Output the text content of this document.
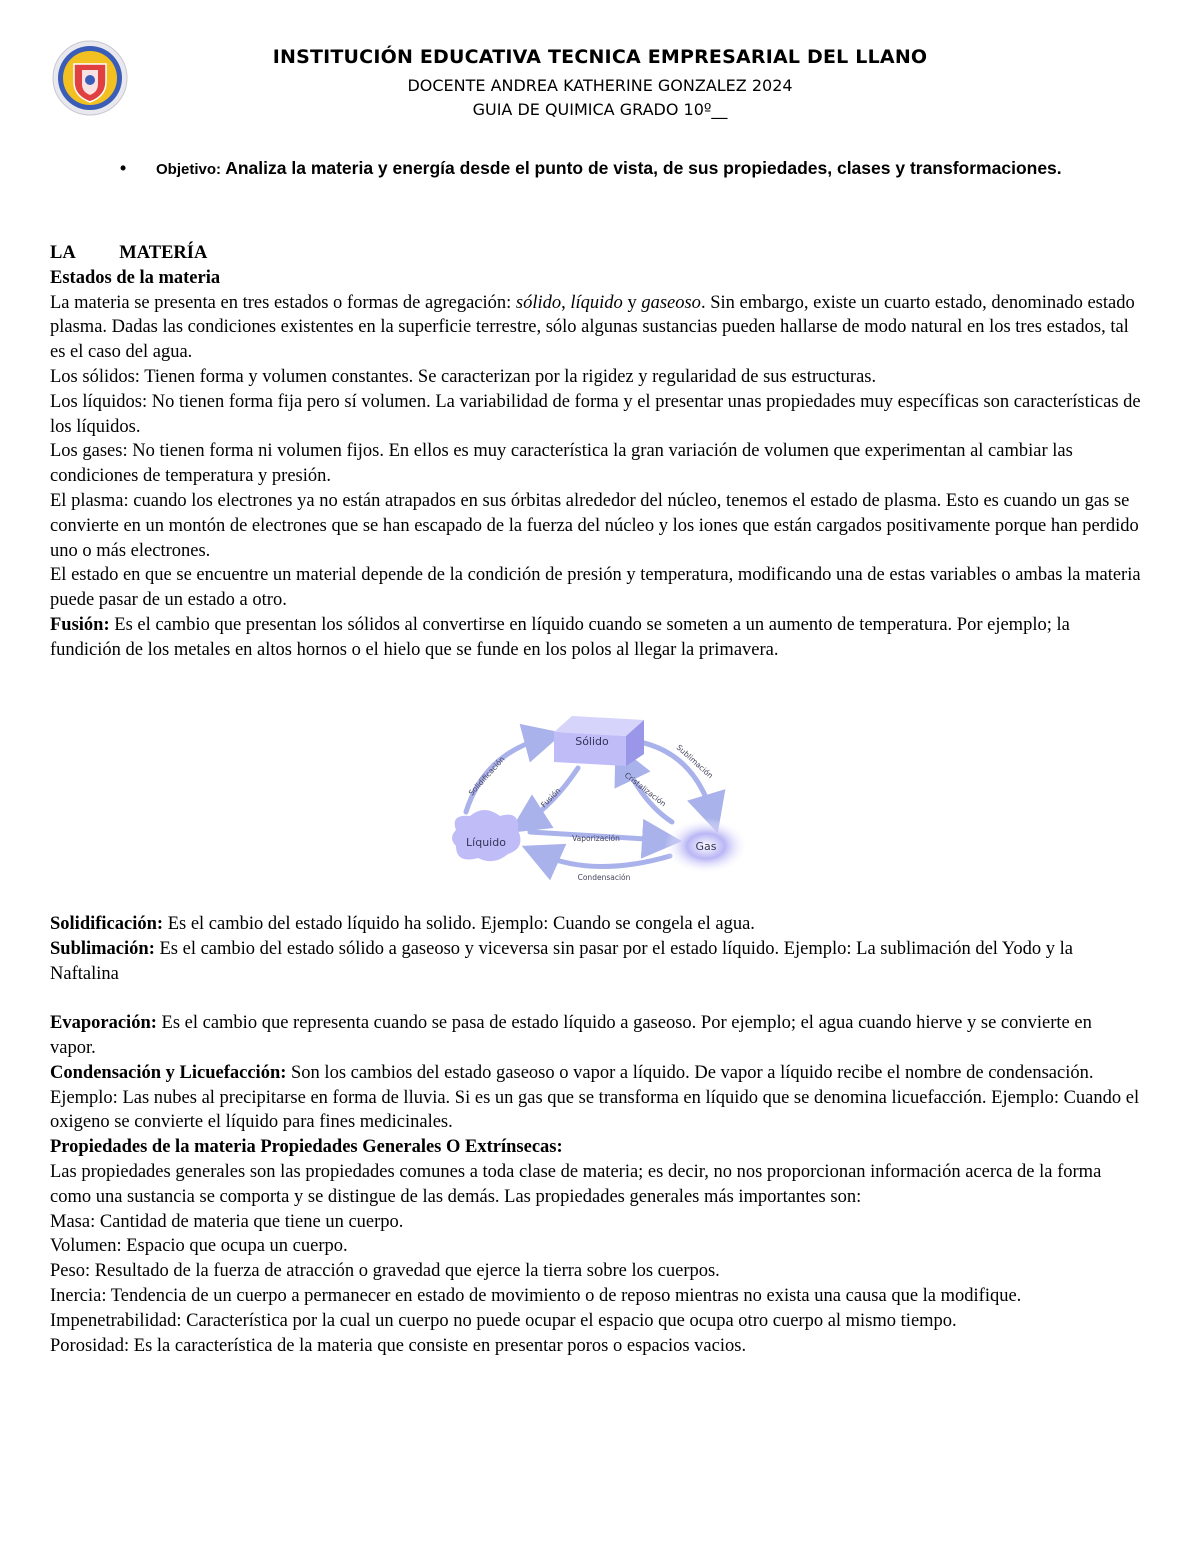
INSTITUCIÓN EDUCATIVA TECNICA EMPRESARIAL DEL LLANO
DOCENTE ANDREA KATHERINE GONZALEZ 2024
GUIA DE QUIMICA GRADO 10º__
•	Objetivo: Analiza la materia y energía desde el punto de vista, de sus propiedades, clases y transformaciones.

LA MATERÍA

Estados de la materia

La materia se presenta en tres estados o formas de agregación: sólido, líquido y gaseoso. Sin embargo, existe un cuarto estado, denominado estado plasma. Dadas las condiciones existentes en la superficie terrestre, sólo algunas sustancias pueden hallarse de modo natural en los tres estados, tal es el caso del agua.

Los sólidos: Tienen forma y volumen constantes. Se caracterizan por la rigidez y regularidad de sus estructuras.

Los líquidos: No tienen forma fija pero sí volumen. La variabilidad de forma y el presentar unas propiedades muy específicas son características de los líquidos.

Los gases: No tienen forma ni volumen fijos. En ellos es muy característica la gran variación de volumen que experimentan al cambiar las condiciones de temperatura y presión.

El plasma: cuando los electrones ya no están atrapados en sus órbitas alrededor del núcleo, tenemos el estado de plasma. Esto es cuando un gas se convierte en un montón de electrones que se han escapado de la fuerza del núcleo y los iones que están cargados positivamente porque han perdido uno o más electrones.

El estado en que se encuentre un material depende de la condición de presión y temperatura, modificando una de estas variables o ambas la materia puede pasar de un estado a otro.

Fusión: Es el cambio que presentan los sólidos al convertirse en líquido cuando se someten a un aumento de temperatura. Por ejemplo; la fundición de los metales en altos hornos o el hielo que se funde en los polos al llegar la primavera.

Sólido
Líquido	Gas
Solidificación	Sublimación
Fusión	Cristalización
Vaporización
Condensación

Solidificación: Es el cambio del estado líquido ha solido. Ejemplo: Cuando se congela el agua.

Sublimación: Es el cambio del estado sólido a gaseoso y viceversa sin pasar por el estado líquido. Ejemplo: La sublimación del Yodo y la Naftalina

Evaporación: Es el cambio que representa cuando se pasa de estado líquido a gaseoso. Por ejemplo; el agua cuando hierve y se convierte en vapor.

Condensación y Licuefacción: Son los cambios del estado gaseoso o vapor a líquido. De vapor a líquido recibe el nombre de condensación. Ejemplo: Las nubes al precipitarse en forma de lluvia. Si es un gas que se transforma en líquido que se denomina licuefacción. Ejemplo: Cuando el oxigeno se convierte el líquido para fines medicinales.

Propiedades de la materia Propiedades Generales O Extrínsecas:

Las propiedades generales son las propiedades comunes a toda clase de materia; es decir, no nos proporcionan información acerca de la forma como una sustancia se comporta y se distingue de las demás. Las propiedades generales más importantes son:

Masa: Cantidad de materia que tiene un cuerpo.

Volumen: Espacio que ocupa un cuerpo.

Peso: Resultado de la fuerza de atracción o gravedad que ejerce la tierra sobre los cuerpos.

Inercia: Tendencia de un cuerpo a permanecer en estado de movimiento o de reposo mientras no exista una causa que la modifique.

Impenetrabilidad: Característica por la cual un cuerpo no puede ocupar el espacio que ocupa otro cuerpo al mismo tiempo.

Porosidad: Es la característica de la materia que consiste en presentar poros o espacios vacios.
